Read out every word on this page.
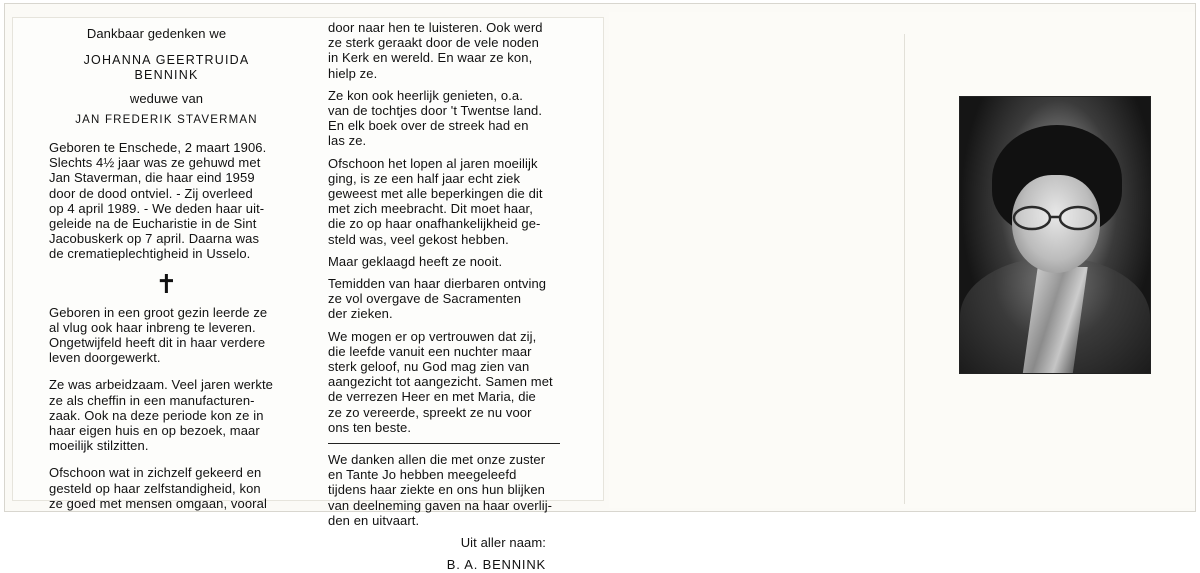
Dankbaar gedenken we
JOHANNA GEERTRUIDA
BENNINK
weduwe van
JAN FREDERIK STAVERMAN
Geboren te Enschede, 2 maart 1906.
Slechts 4½ jaar was ze gehuwd met
Jan Staverman, die haar eind 1959
door de dood ontviel. - Zij overleed
op 4 april 1989. - We deden haar uit-
geleide na de Eucharistie in de Sint
Jacobuskerk op 7 april. Daarna was
de crematieplechtigheid in Usselo.
✝
Geboren in een groot gezin leerde ze
al vlug ook haar inbreng te leveren.
Ongetwijfeld heeft dit in haar verdere
leven doorgewerkt.
Ze was arbeidzaam. Veel jaren werkte
ze als cheffin in een manufacturen-
zaak. Ook na deze periode kon ze in
haar eigen huis en op bezoek, maar
moeilijk stilzitten.
Ofschoon wat in zichzelf gekeerd en
gesteld op haar zelfstandigheid, kon
ze goed met mensen omgaan, vooral
door naar hen te luisteren. Ook werd
ze sterk geraakt door de vele noden
in Kerk en wereld. En waar ze kon,
hielp ze.
Ze kon ook heerlijk genieten, o.a.
van de tochtjes door 't Twentse land.
En elk boek over de streek had en
las ze.
Ofschoon het lopen al jaren moeilijk
ging, is ze een half jaar echt ziek
geweest met alle beperkingen die dit
met zich meebracht. Dit moet haar,
die zo op haar onafhankelijkheid ge-
steld was, veel gekost hebben.
Maar geklaagd heeft ze nooit.
Temidden van haar dierbaren ontving
ze vol overgave de Sacramenten
der zieken.
We mogen er op vertrouwen dat zij,
die leefde vanuit een nuchter maar
sterk geloof, nu God mag zien van
aangezicht tot aangezicht. Samen met
de verrezen Heer en met Maria, die
ze zo vereerde, spreekt ze nu voor
ons ten beste.
We danken allen die met onze zuster
en Tante Jo hebben meegeleefd
tijdens haar ziekte en ons hun blijken
van deelneming gaven na haar overlij-
den en uitvaart.
Uit aller naam:
B. A. BENNINK
